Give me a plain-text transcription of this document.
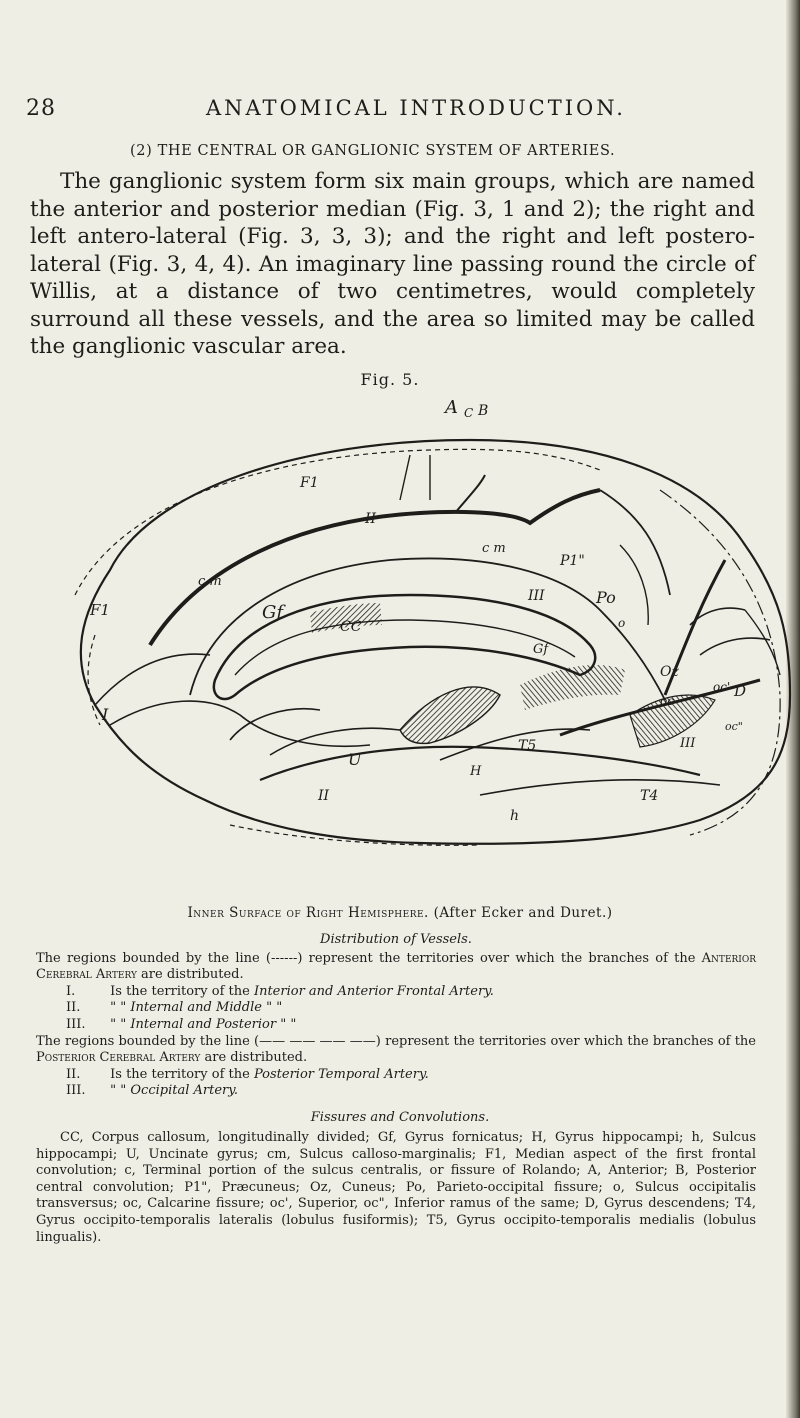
28	ANATOMICAL INTRODUCTION.
(2) THE CENTRAL OR GANGLIONIC SYSTEM OF ARTERIES.

The ganglionic system form six main groups, which are named the anterior and posterior median (Fig. 3, 1 and 2); the right and left antero-lateral (Fig. 3, 3, 3); and the right and left postero-lateral (Fig. 3, 4, 4). An imaginary line passing round the circle of Willis, at a distance of two centimetres, would completely surround all these vessels, and the area so limited may be called the ganglionic vascular area.

Fig. 5.
A C B
F1
II
c m
c m
Gf
F1
P1"
III	Po
o
CC
I
Gf
Oz
oc' D
oc
U
H
T5	III
oc"
T4
II
h
Inner Surface of Right Hemisphere. (After Ecker and Duret.)

Distribution of Vessels.

The regions bounded by the line (------) represent the territories over which the branches of the Anterior Cerebral Artery are distributed.

I.	Is the territory of the Interior and Anterior Frontal Artery.

II. " " Internal and Middle " "

III. " " Internal and Posterior " "

The regions bounded by the line (—— —— —— ——) represent the territories over which the branches of the Posterior Cerebral Artery are distributed.

II. Is the territory of the Posterior Temporal Artery.

III. " " Occipital Artery.

Fissures and Convolutions.

CC, Corpus callosum, longitudinally divided; Gf, Gyrus fornicatus; H, Gyrus hippocampi; h, Sulcus hippocampi; U, Uncinate gyrus; cm, Sulcus calloso-marginalis; F1, Median aspect of the first frontal convolution; c, Terminal portion of the sulcus centralis, or fissure of Rolando; A, Anterior; B, Posterior central convolution; P1", Præcuneus; Oz, Cuneus; Po, Parieto-occipital fissure; o, Sulcus occipitalis transversus; oc, Calcarine fissure; oc', Superior, oc", Inferior ramus of the same; D, Gyrus descendens; T4, Gyrus occipito-temporalis lateralis (lobulus fusiformis); T5, Gyrus occipito-temporalis medialis (lobulus lingualis).
